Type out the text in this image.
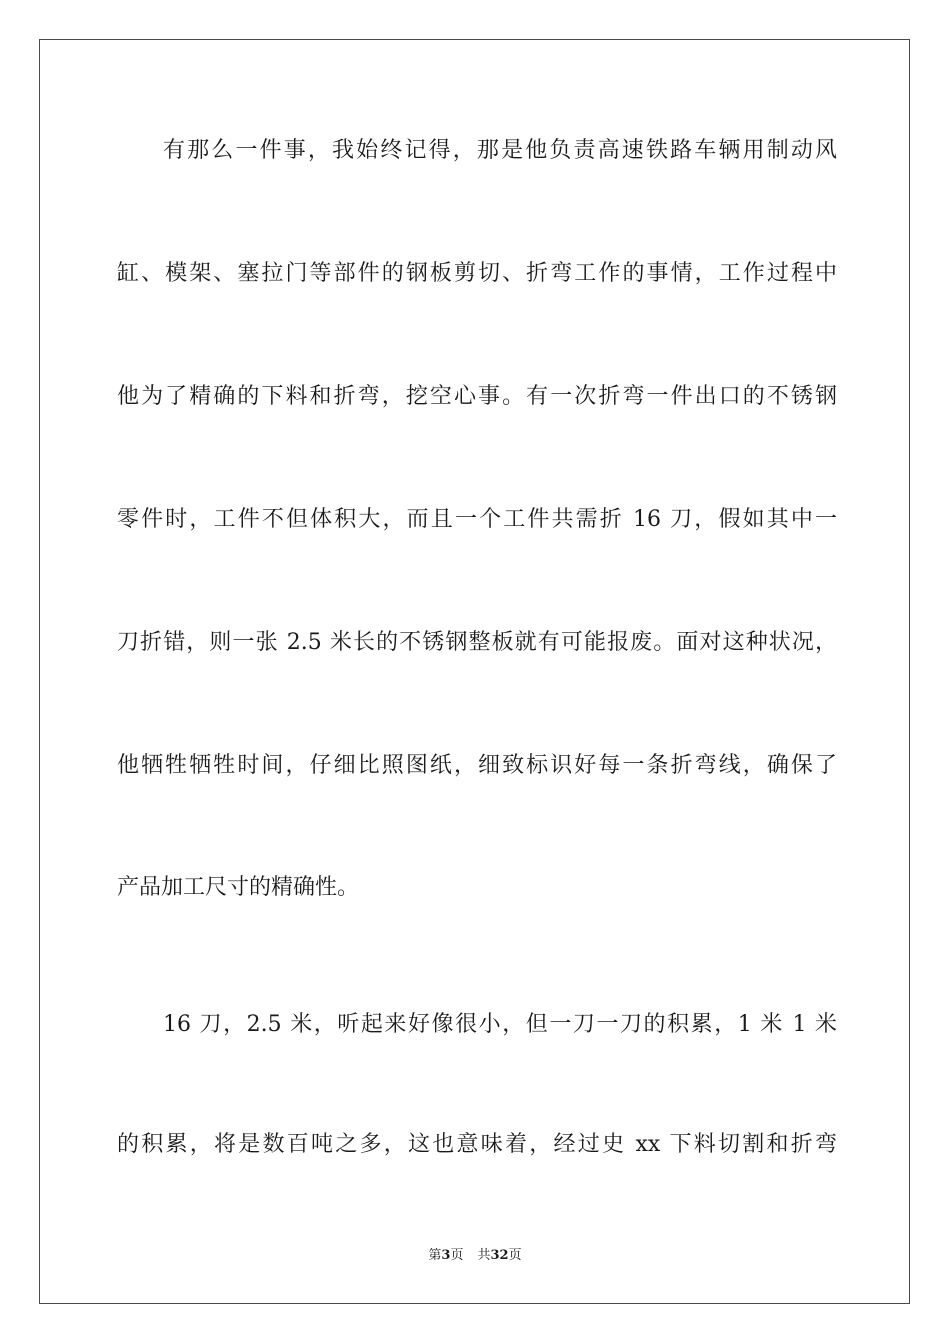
有那么一件事，我始终记得，那是他负责高速铁路车辆用制动风
缸、模架、塞拉门等部件的钢板剪切、折弯工作的事情，工作过程中
他为了精确的下料和折弯，挖空心事。有一次折弯一件出口的不锈钢
零件时，工件不但体积大，而且一个工件共需折 16 刀，假如其中一
刀折错，则一张 2.5 米长的不锈钢整板就有可能报废。面对这种状况，
他牺牲牺牲时间，仔细比照图纸，细致标识好每一条折弯线，确保了
产品加工尺寸的精确性。
16 刀，2.5 米，听起来好像很小，但一刀一刀的积累，1 米 1 米
的积累，将是数百吨之多，这也意味着，经过史 xx 下料切割和折弯
第3页 共32页
